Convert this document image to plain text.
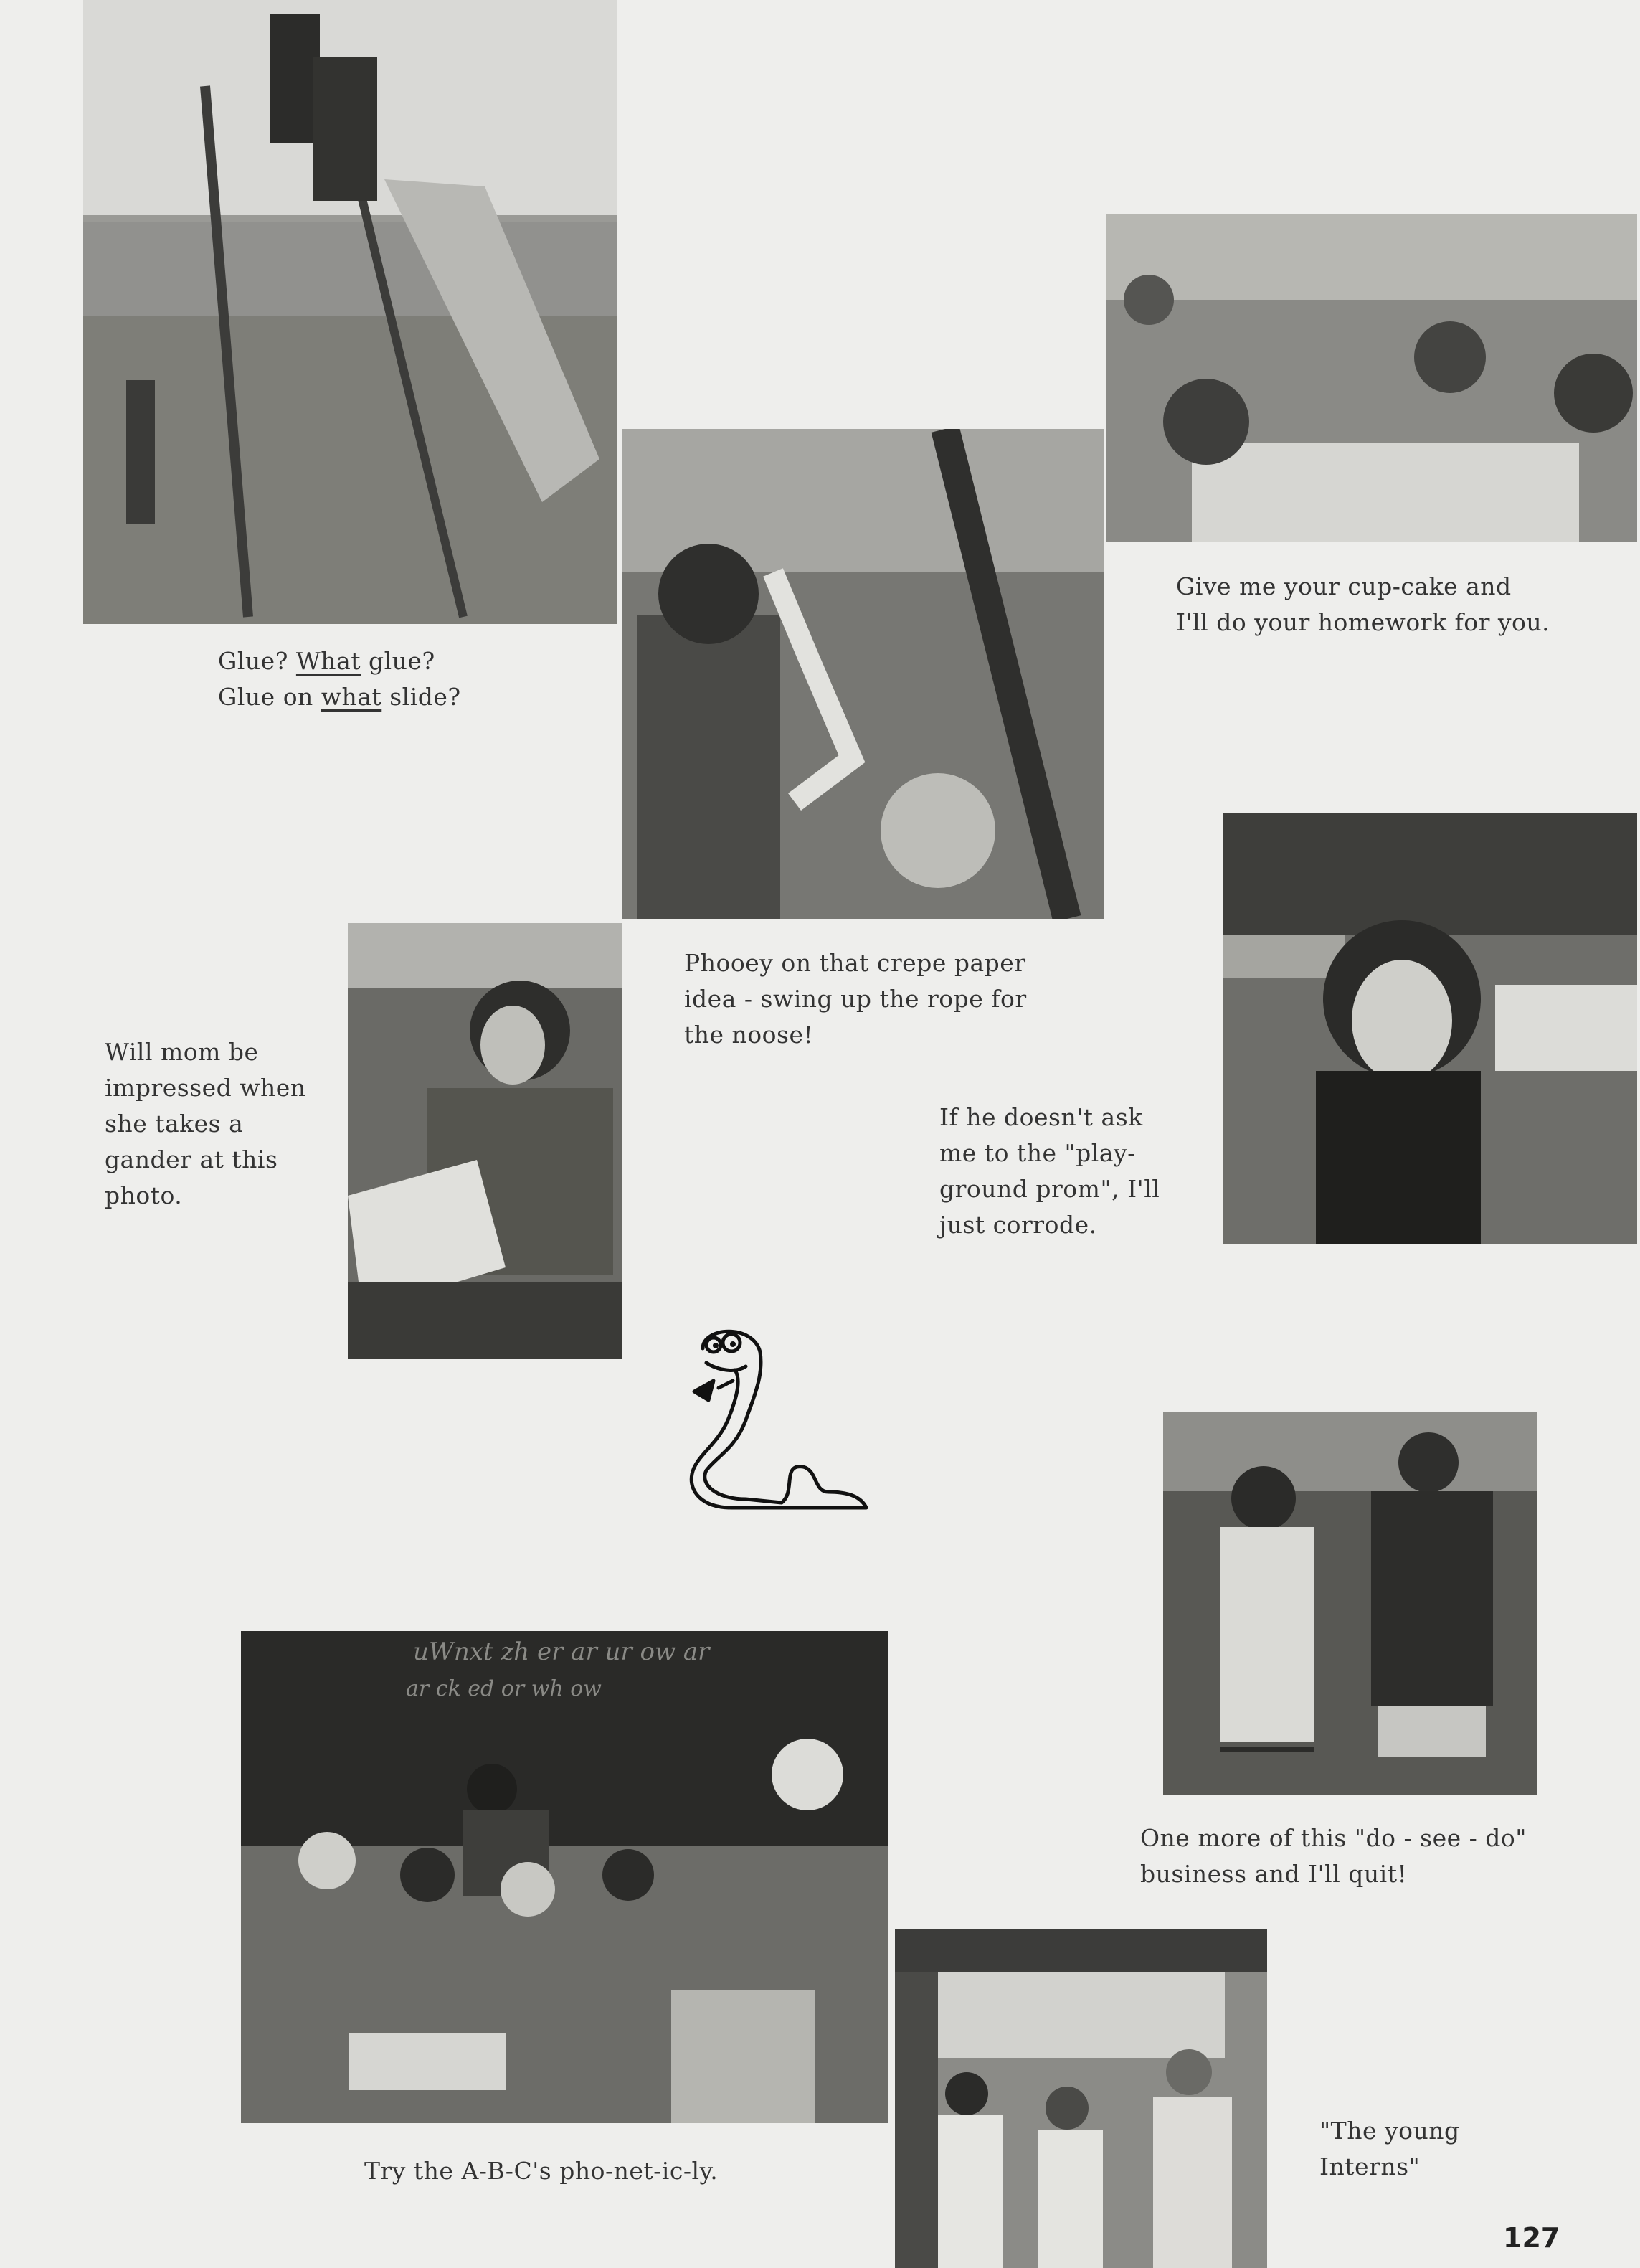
uWnxt zh er ar ur ow ar
ar ck ed or wh ow
Glue? What glue?
Glue on what slide?
Give me your cup-cake and
I'll do your homework for you.
Phooey on that crepe paper
idea - swing up the rope for
the noose!
Will mom be
impressed when
she takes a
gander at this
photo.
If he doesn't ask
me to the "play-
ground prom", I'll
just corrode.
One more of this "do - see - do"
business and I'll quit!
Try the A-B-C's pho-net-ic-ly.
"The young
Interns"
127
